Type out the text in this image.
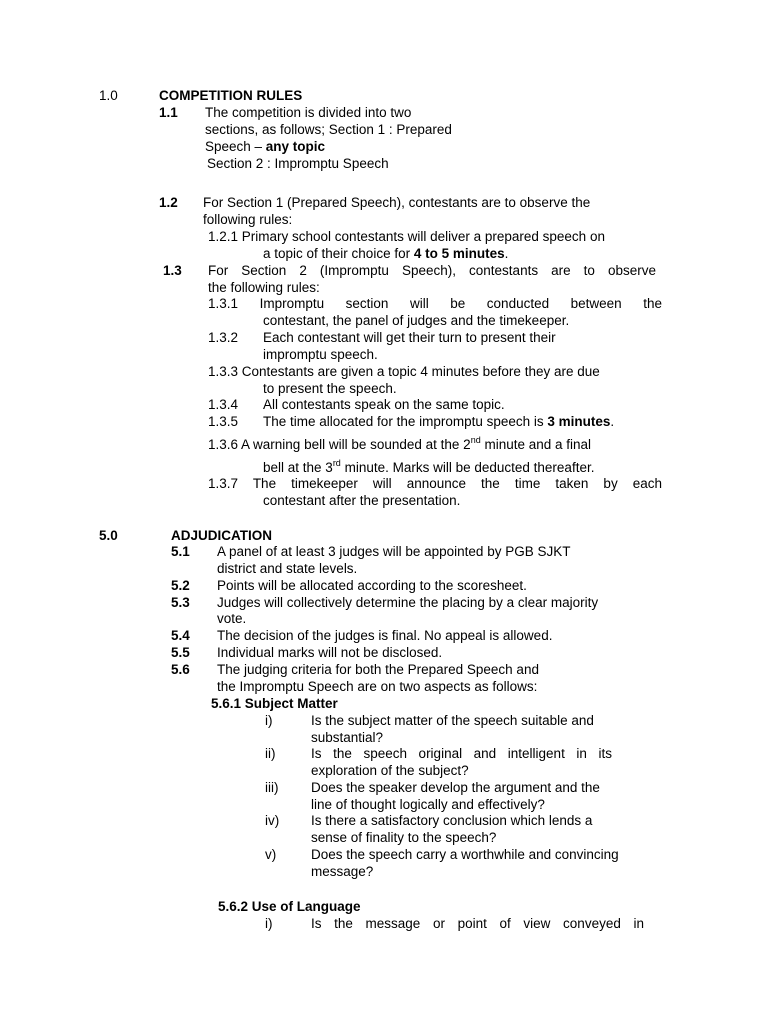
1.0	COMPETITION RULES
1.1 The competition is divided into two
sections, as follows; Section 1 : Prepared
Speech – any topic
Section 2 : Impromptu Speech
1.2 For Section 1 (Prepared Speech), contestants are to observe the
following rules:
1.2.1 Primary school contestants will deliver a prepared speech on
a topic of their choice for 4 to 5 minutes.
1.3 For Section 2 (Impromptu Speech), contestants are to observe
the following rules:
1.3.1 Impromptu section will be conducted between the
contestant, the panel of judges and the timekeeper.
1.3.2 Each contestant will get their turn to present their
impromptu speech.
1.3.3 Contestants are given a topic 4 minutes before they are due
to present the speech.
1.3.4 All contestants speak on the same topic.
1.3.5 The time allocated for the impromptu speech is 3 minutes.
1.3.6 A warning bell will be sounded at the 2nd minute and a final
bell at the 3rd minute. Marks will be deducted thereafter.
1.3.7 The timekeeper will announce the time taken by each
contestant after the presentation.
5.0	ADJUDICATION
5.1 A panel of at least 3 judges will be appointed by PGB SJKT
district and state levels.
5.2 Points will be allocated according to the scoresheet.
5.3 Judges will collectively determine the placing by a clear majority
vote.
5.4 The decision of the judges is final. No appeal is allowed.
5.5 Individual marks will not be disclosed.
5.6 The judging criteria for both the Prepared Speech and
the Impromptu Speech are on two aspects as follows:
5.6.1 Subject Matter
i)	Is the subject matter of the speech suitable and
substantial?
ii)	Is the speech original and intelligent in its
exploration of the subject?
iii) Does the speaker develop the argument and the
line of thought logically and effectively?
iv) Is there a satisfactory conclusion which lends a
sense of finality to the speech?
v)	Does the speech carry a worthwhile and convincing
message?
5.6.2 Use of Language
i)	Is the message or point of view conveyed in
